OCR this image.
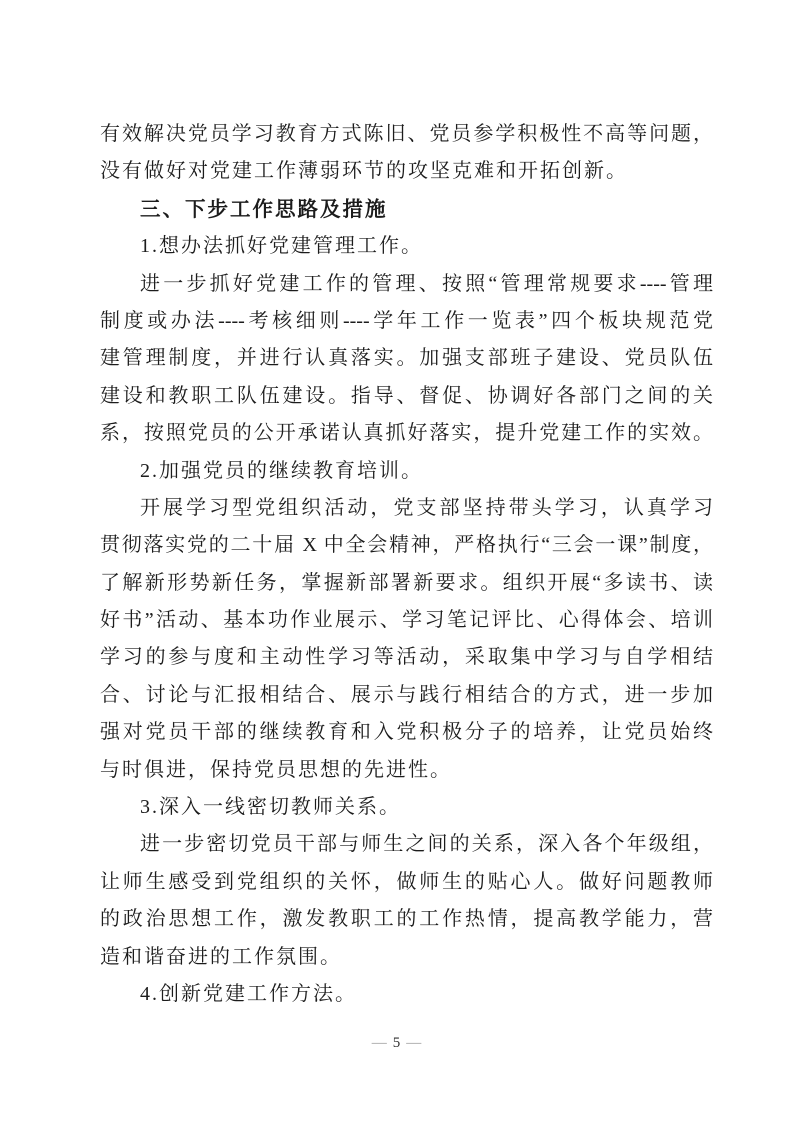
有效解决党员学习教育方式陈旧、党员参学积极性不高等问题，
没有做好对党建工作薄弱环节的攻坚克难和开拓创新。
三、下步工作思路及措施
1.想办法抓好党建管理工作。
进一步抓好党建工作的管理、按照“管理常规要求----管理
制度或办法----考核细则----学年工作一览表”四个板块规范党
建管理制度，并进行认真落实。加强支部班子建设、党员队伍
建设和教职工队伍建设。指导、督促、协调好各部门之间的关
系，按照党员的公开承诺认真抓好落实，提升党建工作的实效。
2.加强党员的继续教育培训。
开展学习型党组织活动，党支部坚持带头学习，认真学习
贯彻落实党的二十届 X 中全会精神，严格执行“三会一课”制度，
了解新形势新任务，掌握新部署新要求。组织开展“多读书、读
好书”活动、基本功作业展示、学习笔记评比、心得体会、培训
学习的参与度和主动性学习等活动，采取集中学习与自学相结
合、讨论与汇报相结合、展示与践行相结合的方式，进一步加
强对党员干部的继续教育和入党积极分子的培养，让党员始终
与时俱进，保持党员思想的先进性。
3.深入一线密切教师关系。
进一步密切党员干部与师生之间的关系，深入各个年级组，
让师生感受到党组织的关怀，做师生的贴心人。做好问题教师
的政治思想工作，激发教职工的工作热情，提高教学能力，营
造和谐奋进的工作氛围。
4.创新党建工作方法。
— 5 —
